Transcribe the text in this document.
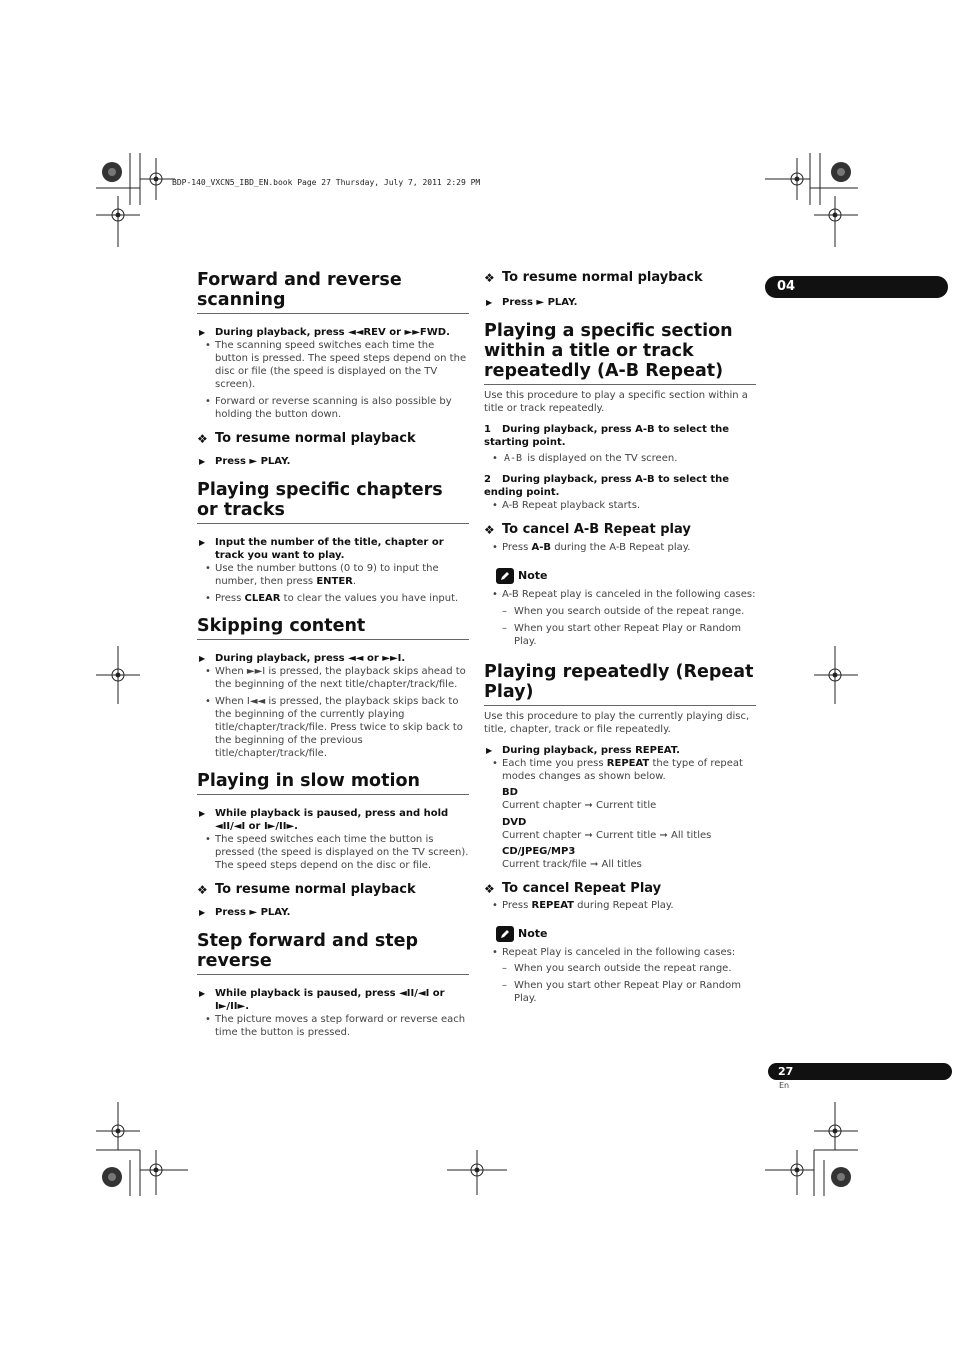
BDP-140_VXCN5_IBD_EN.book Page 27 Thursday, July 7, 2011 2:29 PM
04
27
En
Forward and reverse scanning
▶ During playback, press ◄◄REV or ►►FWD.
• The scanning speed switches each time the button is pressed. The speed steps depend on the disc or file (the speed is displayed on the TV screen).
• Forward or reverse scanning is also possible by holding the button down.
❖ To resume normal playback
▶ Press ► PLAY.
Playing specific chapters or tracks
▶ Input the number of the title, chapter or track you want to play.
• Use the number buttons (0 to 9) to input the number, then press ENTER.
• Press CLEAR to clear the values you have input.
Skipping content
▶ During playback, press ◄◄ or ►►I.
• When ►►I is pressed, the playback skips ahead to the beginning of the next title/chapter/track/file.
• When I◄◄ is pressed, the playback skips back to the beginning of the currently playing title/chapter/track/file. Press twice to skip back to the beginning of the previous title/chapter/track/file.
Playing in slow motion
▶ While playback is paused, press and hold ◄II/◄I or I►/II►.
• The speed switches each time the button is pressed (the speed is displayed on the TV screen). The speed steps depend on the disc or file.
❖ To resume normal playback
▶ Press ► PLAY.
Step forward and step reverse
▶ While playback is paused, press ◄II/◄I or I►/II►.
• The picture moves a step forward or reverse each time the button is pressed.
❖ To resume normal playback
▶ Press ► PLAY.
Playing a specific section within a title or track repeatedly (A-B Repeat)
Use this procedure to play a specific section within a title or track repeatedly.
1 During playback, press A-B to select the starting point.
• A-B is displayed on the TV screen.
2 During playback, press A-B to select the ending point.
• A-B Repeat playback starts.
❖ To cancel A-B Repeat play
• Press A-B during the A-B Repeat play.
Note
• A-B Repeat play is canceled in the following cases:
– When you search outside of the repeat range.
– When you start other Repeat Play or Random Play.
Playing repeatedly (Repeat Play)
Use this procedure to play the currently playing disc, title, chapter, track or file repeatedly.
▶ During playback, press REPEAT.
• Each time you press REPEAT the type of repeat modes changes as shown below.
BD
Current chapter ➞ Current title
DVD
Current chapter ➞ Current title ➞ All titles
CD/JPEG/MP3
Current track/file ➞ All titles
❖ To cancel Repeat Play
• Press REPEAT during Repeat Play.
Note
• Repeat Play is canceled in the following cases:
– When you search outside the repeat range.
– When you start other Repeat Play or Random Play.
